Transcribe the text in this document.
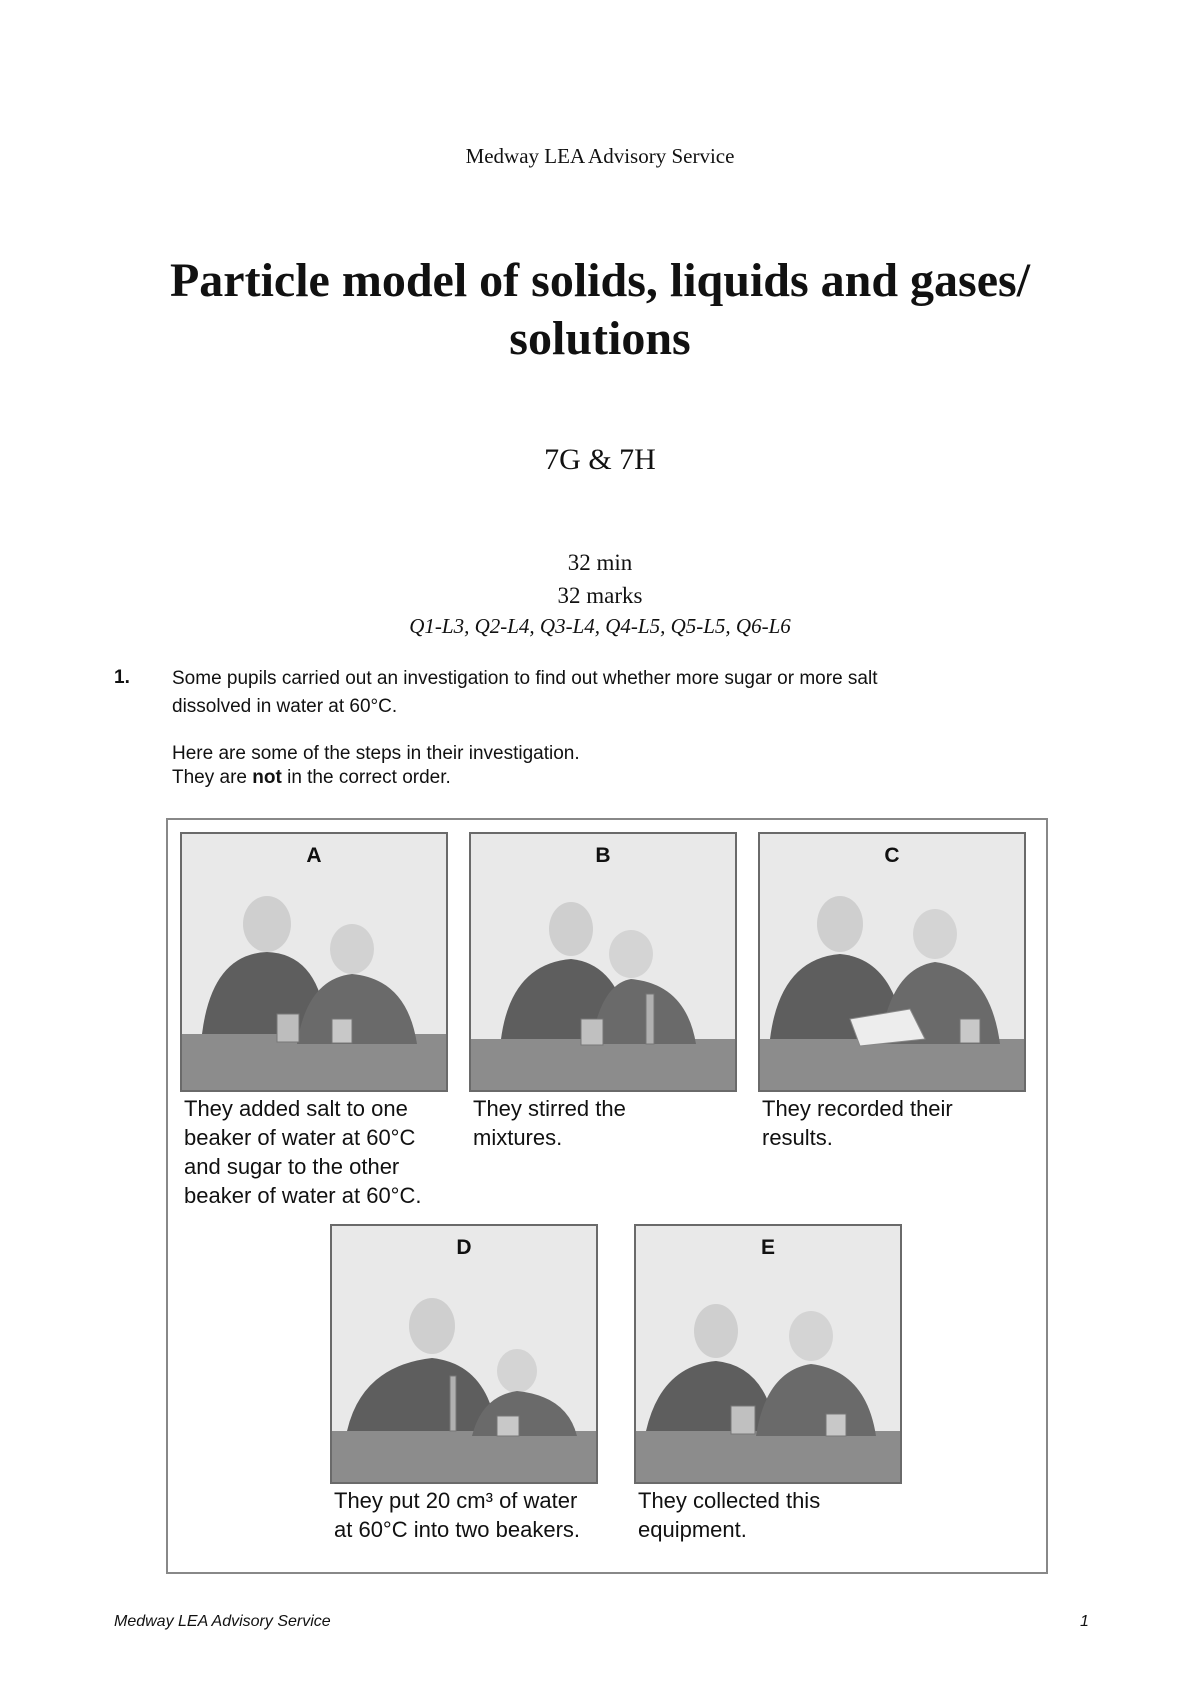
Medway LEA Advisory Service
Particle model of solids, liquids and gases/
solutions
7G & 7H
32 min
32 marks
Q1-L3, Q2-L4, Q3-L4, Q4-L5, Q5-L5, Q6-L6
1. Some pupils carried out an investigation to find out whether more sugar or more salt
dissolved in water at 60°C.
Here are some of the steps in their investigation.
They are not in the correct order.
A
They added salt to one
beaker of water at 60°C
and sugar to the other
beaker of water at 60°C.
B
They stirred the
mixtures.
C
They recorded their
results.
D
They put 20 cm³ of water
at 60°C into two beakers.
E
They collected this
equipment.
Medway LEA Advisory Service	1
